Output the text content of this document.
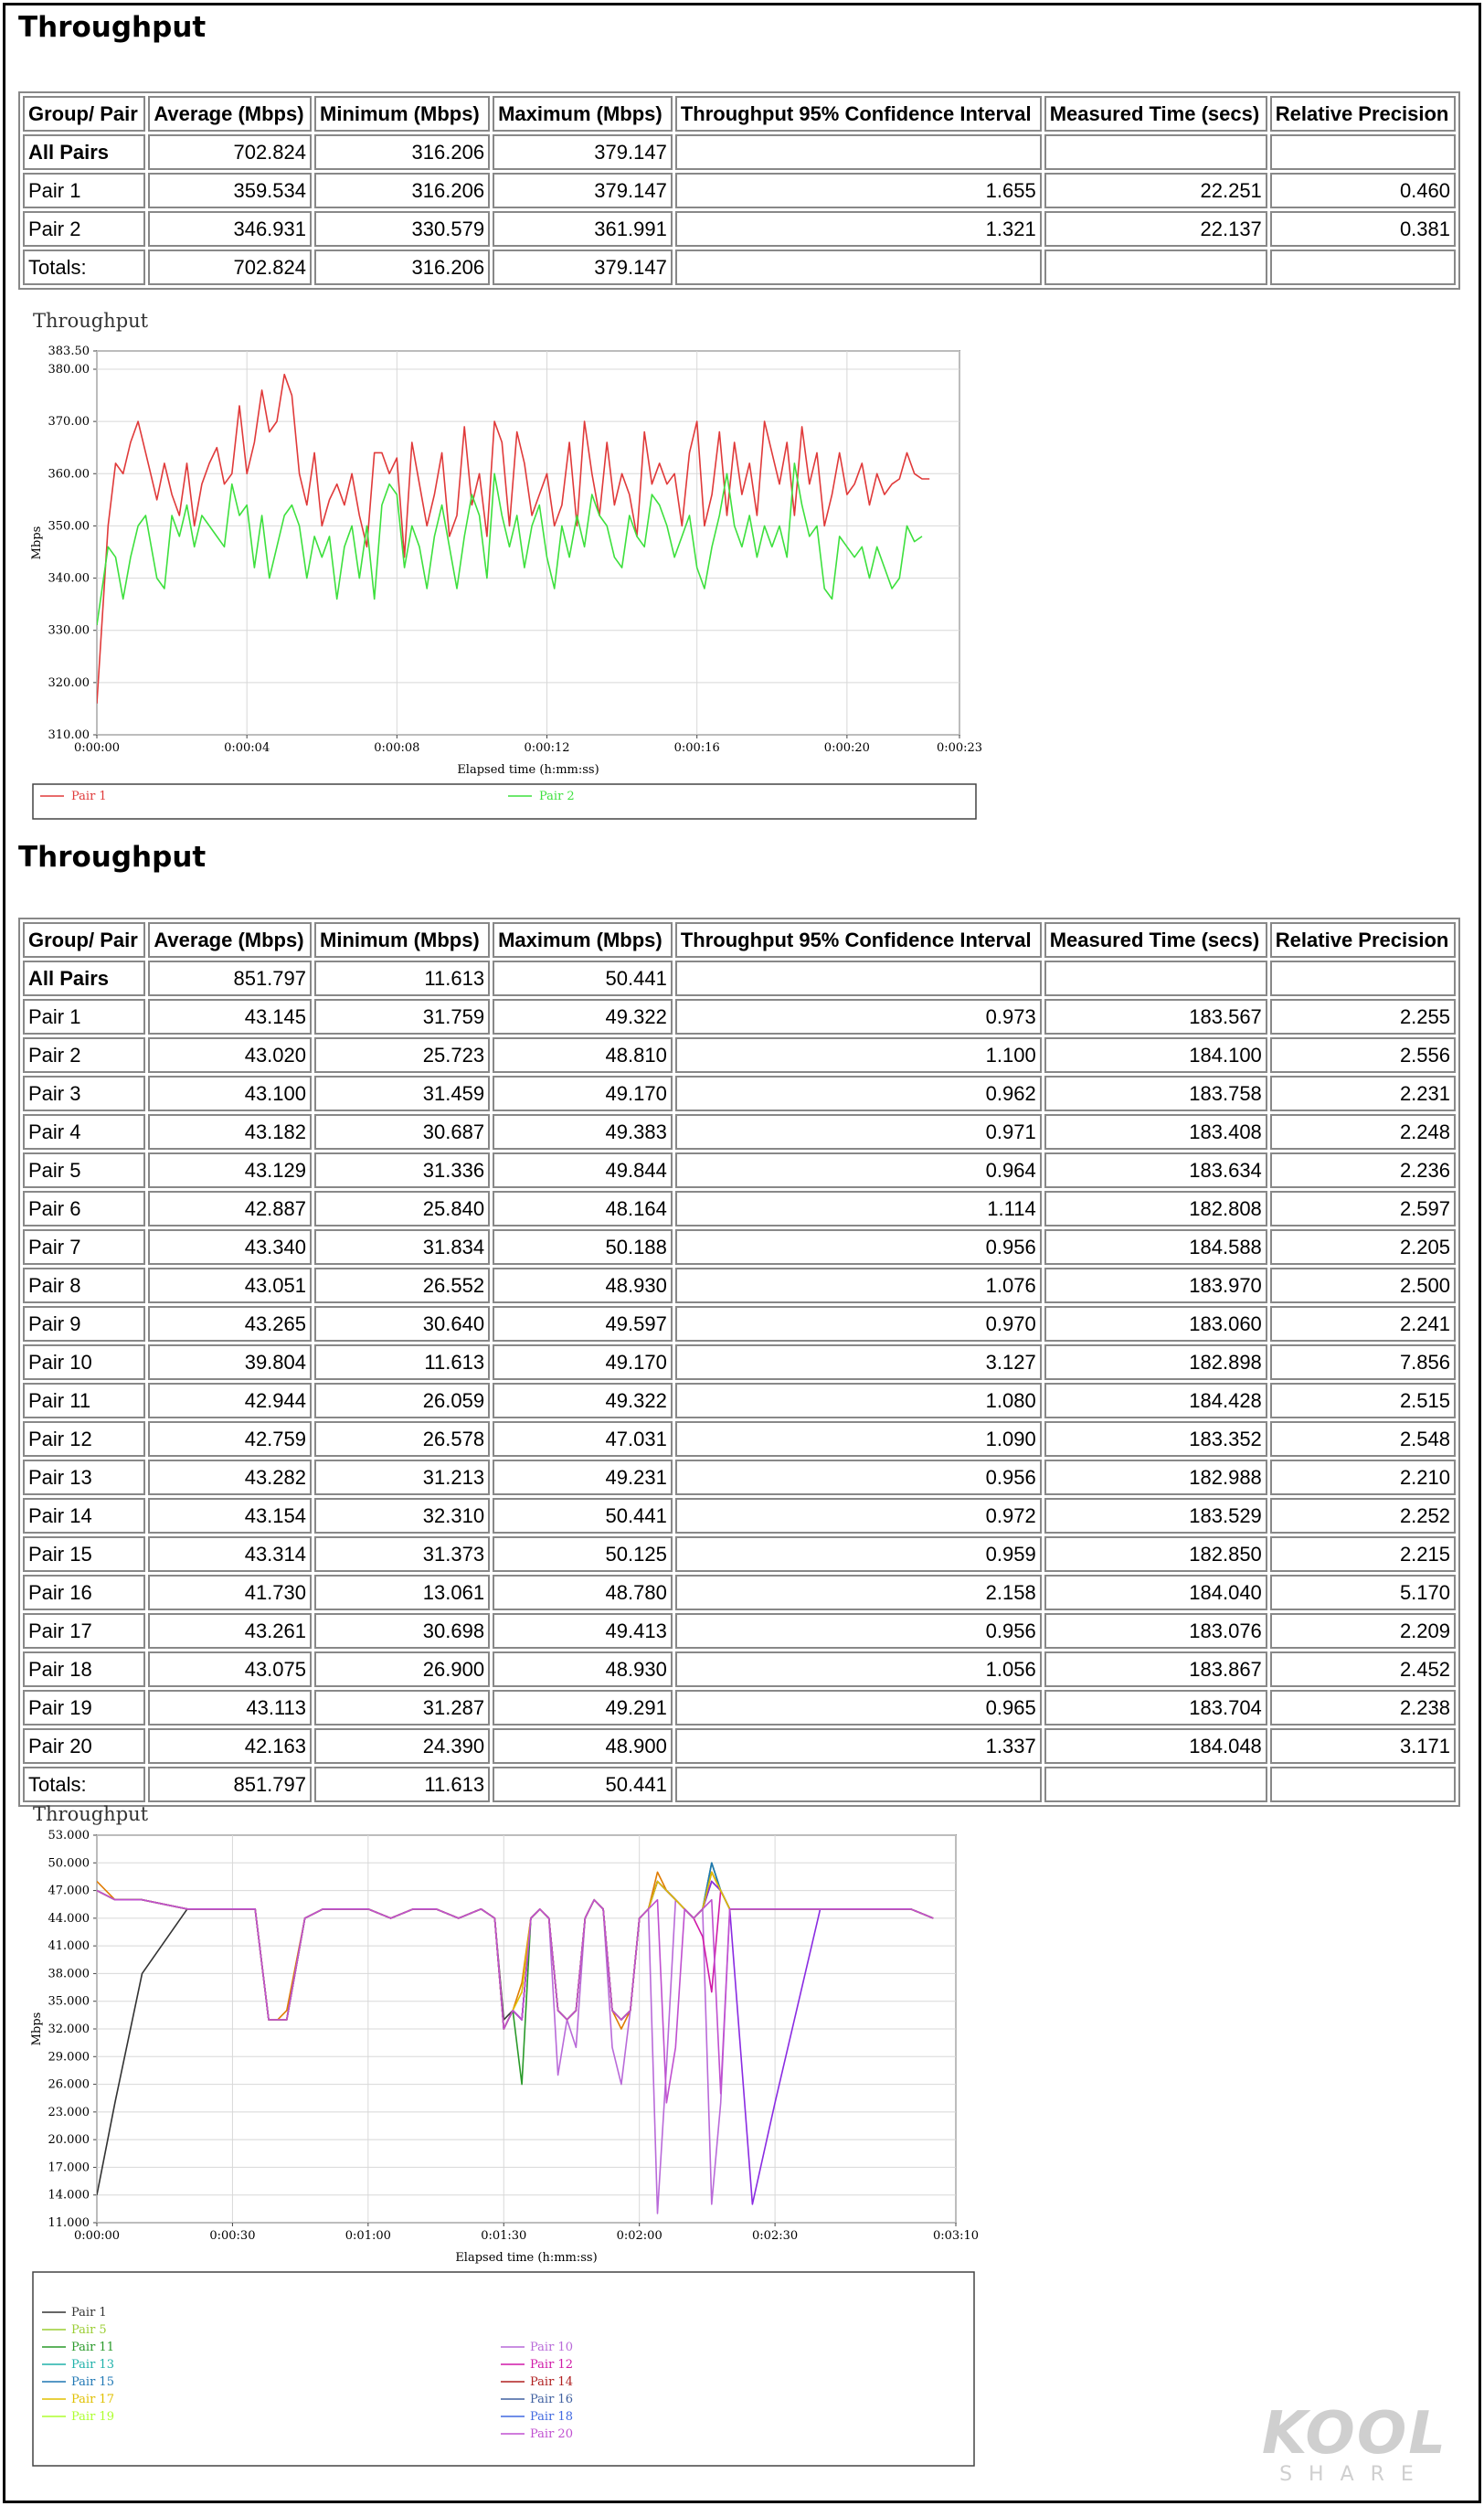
Throughput
Group/ Pair	Average (Mbps)	Minimum (Mbps)	Maximum (Mbps)	Throughput 95% Confidence Interval	Measured Time (secs)	Relative Precision
All Pairs	702.824	316.206	379.147			
Pair 1	359.534	316.206	379.147	1.655	22.251	0.460
Pair 2	346.931	330.579	361.991	1.321	22.137	0.381
Totals:	702.824	316.206	379.147			
Throughput
383.50
380.00
370.00
360.00
350.00
340.00
330.00
320.00
310.00
0:00:00	0:00:04	0:00:08	0:00:12	0:00:16	0:00:20	0:00:23
Elapsed time (h:mm:ss)
Mbps
Pair 1	Pair 2
Throughput
Group/ Pair	Average (Mbps)	Minimum (Mbps)	Maximum (Mbps)	Throughput 95% Confidence Interval	Measured Time (secs)	Relative Precision
All Pairs	851.797	11.613	50.441			
Pair 1	43.145	31.759	49.322	0.973	183.567	2.255
Pair 2	43.020	25.723	48.810	1.100	184.100	2.556
Pair 3	43.100	31.459	49.170	0.962	183.758	2.231
Pair 4	43.182	30.687	49.383	0.971	183.408	2.248
Pair 5	43.129	31.336	49.844	0.964	183.634	2.236
Pair 6	42.887	25.840	48.164	1.114	182.808	2.597
Pair 7	43.340	31.834	50.188	0.956	184.588	2.205
Pair 8	43.051	26.552	48.930	1.076	183.970	2.500
Pair 9	43.265	30.640	49.597	0.970	183.060	2.241
Pair 10	39.804	11.613	49.170	3.127	182.898	7.856
Pair 11	42.944	26.059	49.322	1.080	184.428	2.515
Pair 12	42.759	26.578	47.031	1.090	183.352	2.548
Pair 13	43.282	31.213	49.231	0.956	182.988	2.210
Pair 14	43.154	32.310	50.441	0.972	183.529	2.252
Pair 15	43.314	31.373	50.125	0.959	182.850	2.215
Pair 16	41.730	13.061	48.780	2.158	184.040	5.170
Pair 17	43.261	30.698	49.413	0.956	183.076	2.209
Pair 18	43.075	26.900	48.930	1.056	183.867	2.452
Pair 19	43.113	31.287	49.291	0.965	183.704	2.238
Pair 20	42.163	24.390	48.900	1.337	184.048	3.171
Totals:	851.797	11.613	50.441			
Throughput
53.000
50.000
47.000
44.000
41.000
38.000
35.000
32.000
29.000
26.000
23.000
20.000
17.000
14.000
11.000
0:00:00	0:00:30	0:01:00	0:01:30	0:02:00	0:02:30	0:03:10
Elapsed time (h:mm:ss)
Mbps
Pair 1
Pair 5
Pair 11
Pair 13
Pair 15
Pair 17
Pair 19
Pair 10
Pair 12
Pair 14
Pair 16
Pair 18
Pair 20	KOOL
SHARE
